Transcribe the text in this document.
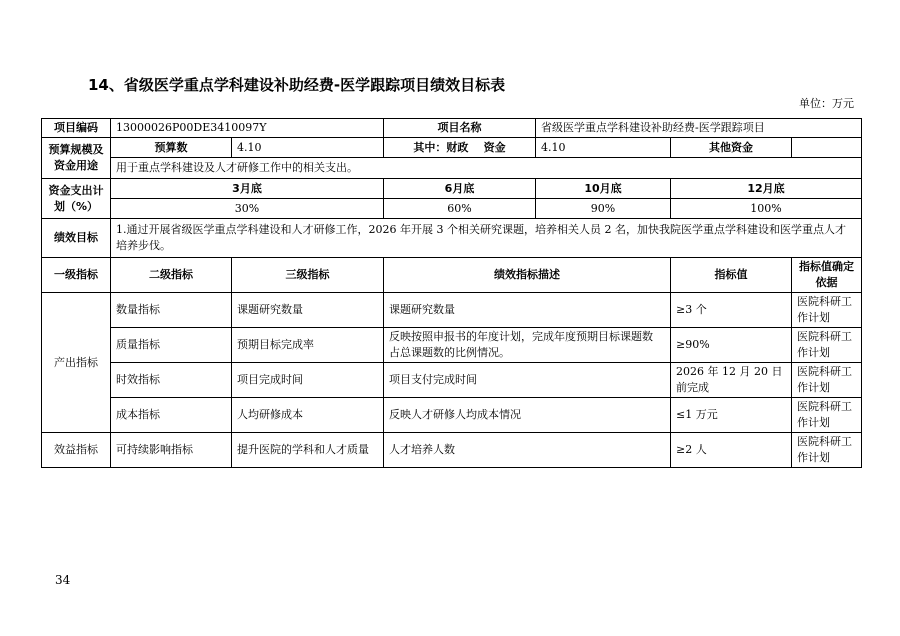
14、省级医学重点学科建设补助经费-医学跟踪项目绩效目标表
单位：万元
项目编码	13000026P00DE3410097Y		项目名称	省级医学重点学科建设补助经费-医学跟踪项目		
预算规模及资金用途	预算数	4.10	其中：财政    资金	4.10	其他资金	
	用于重点学科建设及人才研修工作中的相关支出。					
资金支出计划（%）	3月底		6月底	10月底	12月底	
	30%		60%	90%	100%	
绩效目标	1.通过开展省级医学重点学科建设和人才研修工作，2026 年开展 3 个相关研究课题，培养相关人员 2 名，加快我院医学重点学科建设和医学重点人才培养步伐。					
一级指标	二级指标	三级指标	绩效指标描述		指标值	指标值确定依据
产出指标	数量指标	课题研究数量	课题研究数量		≥3 个	医院科研工作计划
	质量指标	预期目标完成率	反映按照申报书的年度计划，完成年度预期目标课题数占总课题数的比例情况。		≥90%	医院科研工作计划
	时效指标	项目完成时间	项目支付完成时间		2026 年 12 月 20 日前完成	医院科研工作计划
	成本指标	人均研修成本	反映人才研修人均成本情况		≤1 万元	医院科研工作计划
效益指标	可持续影响指标	提升医院的学科和人才质量	人才培养人数		≥2 人	医院科研工作计划
34
